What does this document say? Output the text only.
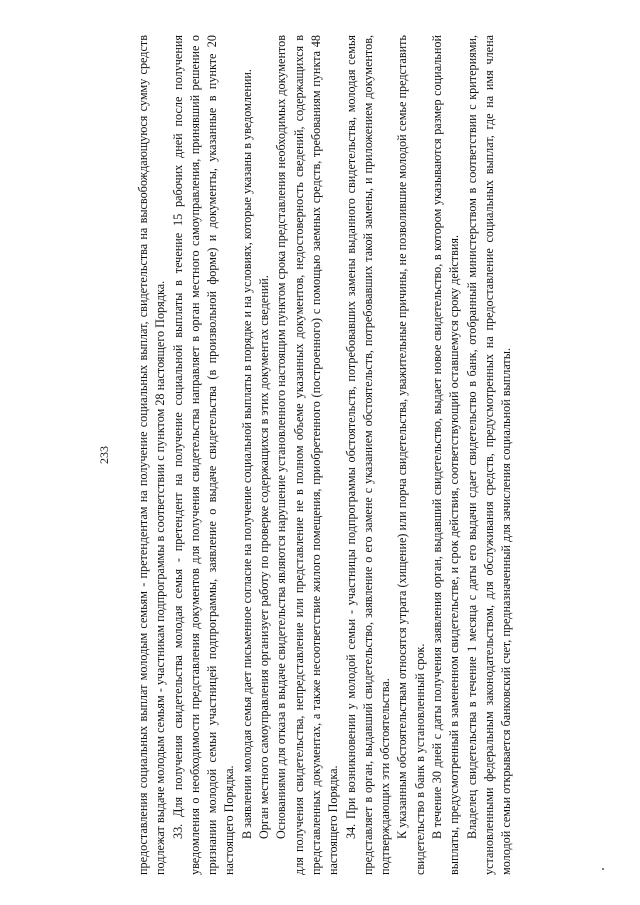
233 предоставления социальных выплат молодым семьям - претендентам на получение социальных выплат, свидетельства на высвобождающуюся сумму средств подлежат выдаче молодым семьям - участникам подпрограммы в соответствии с пунктом 28 настоящего Порядка. 33. Для получения свидетельства молодая семья - претендент на получение социальной выплаты в течение 15 рабочих дней после получения уведомления о необходимости представления документов для получения свидетельства направляет в орган местного самоуправления, принявший решение о признании молодой семьи участницей подпрограммы, заявление о выдаче свидетельства (в произвольной форме) и документы, указанные в пункте 20 настоящего Порядка. В заявлении молодая семья дает письменное согласие на получение социальной выплаты в порядке и на условиях, которые указаны в уведомлении. Орган местного самоуправления организует работу по проверке содержащихся в этих документах сведений. Основаниями для отказа в выдаче свидетельства являются нарушение установленного настоящим пунктом срока представления необходимых документов для получения свидетельства, непредставление или представление не в полном объеме указанных документов, недостоверность сведений, содержащихся в представленных документах, а также несоответствие жилого помещения, приобретенного (построенного) с помощью заемных средств, требованиям пункта 48 настоящего Порядка. 34. При возникновении у молодой семьи - участницы подпрограммы обстоятельств, потребовавших замены выданного свидетельства, молодая семья представляет в орган, выдавший свидетельство, заявление о его замене с указанием обстоятельств, потребовавших такой замены, и приложением документов, подтверждающих эти обстоятельства. К указанным обстоятельствам относятся утрата (хищение) или порча свидетельства, уважительные причины, не позволившие молодой семье представить свидетельство в банк в установленный срок. В течение 30 дней с даты получения заявления орган, выдавший свидетельство, выдает новое свидетельство, в котором указываются размер социальной выплаты, предусмотренный в замененном свидетельстве, и срок действия, соответствующий оставшемуся сроку действия. Владелец свидетельства в течение 1 месяца с даты его выдачи сдает свидетельство в банк, отобранный министерством в соответствии с критериями, установленными федеральным законодательством, для обслуживания средств, предусмотренных на предоставление социальных выплат, где на имя члена молодой семьи открывается банковский счет, предназначенный для зачисления социальной выплаты.
